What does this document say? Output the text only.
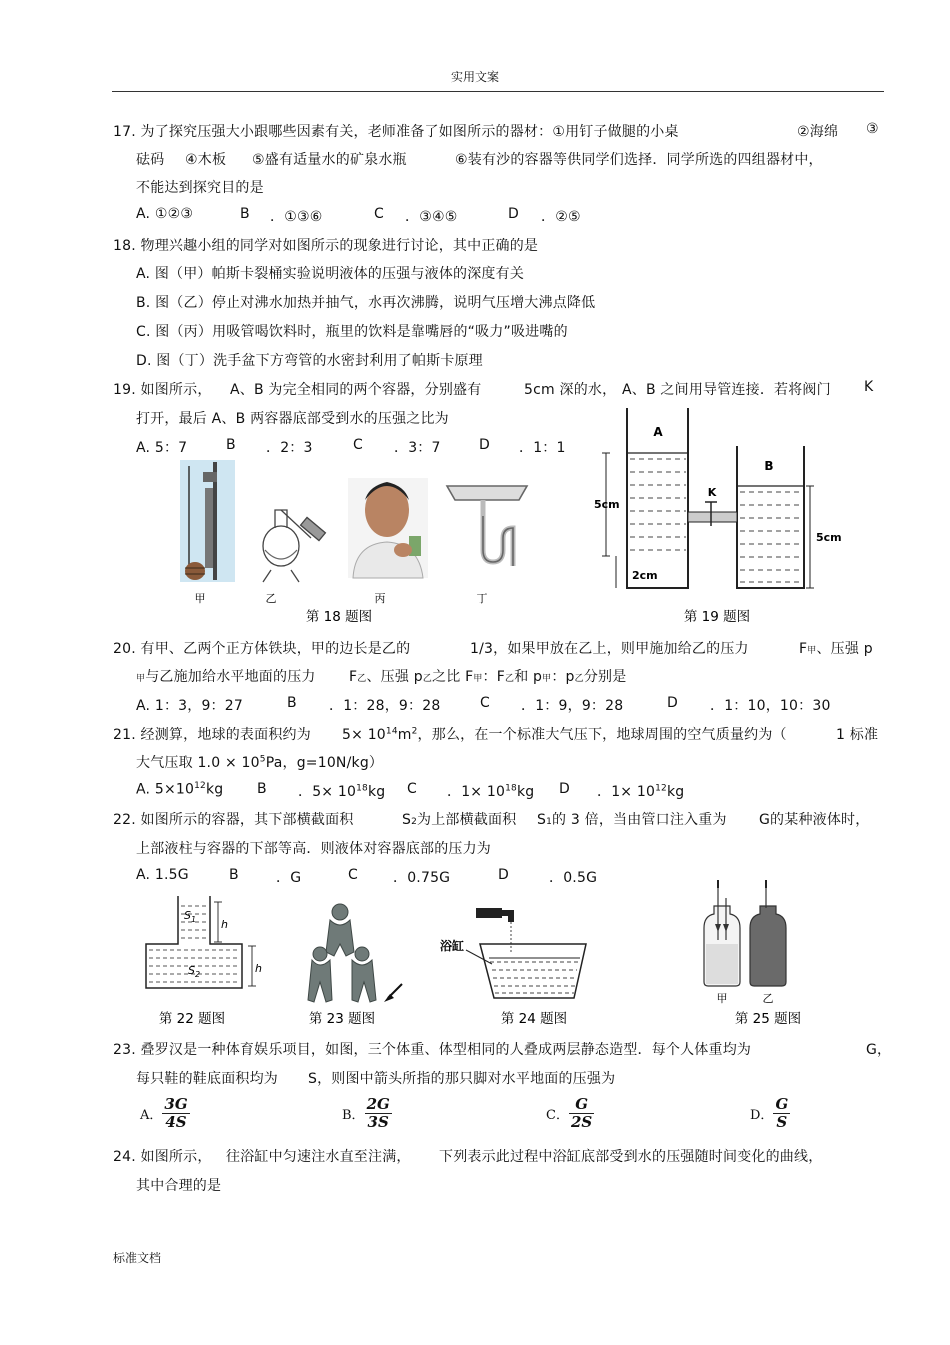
实用文案
17. 为了探究压强大小跟哪些因素有关，老师准备了如图所示的器材：①用钉子做腿的小桌	②海绵 ③
砝码 ④木板 ⑤盛有适量水的矿泉水瓶	⑥装有沙的容器等供同学们选择．同学所选的四组器材中，
不能达到探究目的是
A. ①②③	B ．①③⑥	C ．③④⑤	D ．②⑤
18. 物理兴趣小组的同学对如图所示的现象进行讨论，其中正确的是
A. 图（甲）帕斯卡裂桶实验说明液体的压强与液体的深度有关
B. 图（乙）停止对沸水加热并抽气，水再次沸腾，说明气压增大沸点降低
C. 图（丙）用吸管喝饮料时，瓶里的饮料是靠嘴唇的“吸力”吸进嘴的
D. 图（丁）洗手盆下方弯管的水密封利用了帕斯卡原理
19. 如图所示， A、B 为完全相同的两个容器，分别盛有	5cm 深的水， A、B 之间用导管连接．若将阀门 K
打开，最后 A、B 两容器底部受到水的压强之比为
A. 5：7	B ．2：3	C ．3：7	D ．1：1
甲	乙	丙	丁
第 18 题图
A
B
K
5cm
5cm
2cm
第 19 题图
20. 有甲、乙两个正方体铁块，甲的边长是乙的	1/3，如果甲放在乙上，则甲施加给乙的压力	F甲、压强 p
甲与乙施加给水平地面的压力 F乙、压强 p乙之比 F甲：F乙和 p甲：p乙分别是
A. 1：3，9：27	B ．1：28，9：28	C ．1：9，9：28	D ．1：10，10：30
21. 经测算，地球的表面积约为 $5\times 10^{14}m^2$，那么，在一个标准大气压下，地球周围的空气质量约为（	1 标准
大气压取 $1.0 \times 10^5Pa$，g=10N/kg）
A. $5\times 10^{12}kg$ B ．$5\times 10^{18}kg$ C ．$1\times 10^{18}kg$ D ．$1\times 10^{12}kg$
22. 如图所示的容器，其下部横截面积	S2为上部横截面积 S1的 3 倍，当由管口注入重为 G的某种液体时，
上部液柱与容器的下部等高．则液体对容器底部的压力为
A. 1.5G	B	．G	C	．0.75G	D	．0.5G
$S_1$
$S_2$
h
h
第 22 题图	第 23 题图
浴缸
第 24 题图
甲	乙
第 25 题图
23. 叠罗汉是一种体育娱乐项目，如图，三个体重、体型相同的人叠成两层静态造型．每个人体重均为	G，
每只鞋的鞋底面积均为 S，则图中箭头所指的那只脚对水平地面的压强为
A． $\frac{3G}{4S}$	B． $\frac{2G}{3S}$	C． $\frac{G}{2S}$	D． $\frac{G}{S}$
24. 如图所示， 往浴缸中匀速注水直至注满， 下列表示此过程中浴缸底部受到水的压强随时间变化的曲线，
其中合理的是
标准文档
